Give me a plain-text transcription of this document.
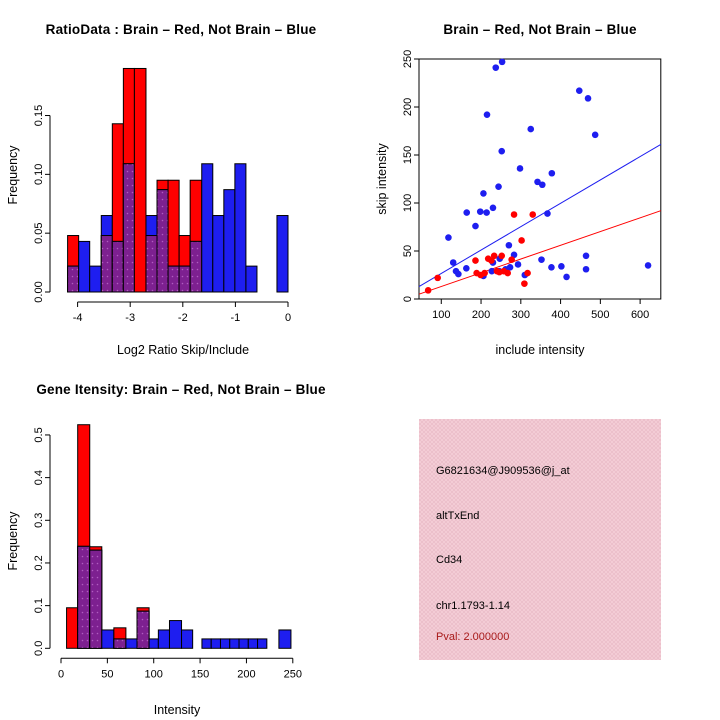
0.00
0.05
0.10
0.15
-4	-3	-2	-1	0
0.0
0.1
0.2
0.3
0.4
0.5
0	50	100	150	200	250
100 200 300 400 500 600
0
50
100
150
200
250
RatioData : Brain – Red, Not Brain – Blue	Brain – Red, Not Brain – Blue
Gene Itensity: Brain – Red, Not Brain – Blue
Log2 Ratio Skip/Include	include intensity
Intensity
Frequency	skip intensity
Frequency
G6821634@J909536@j_at
altTxEnd
Cd34
chr1.1793-1.14
Pval: 2.000000
